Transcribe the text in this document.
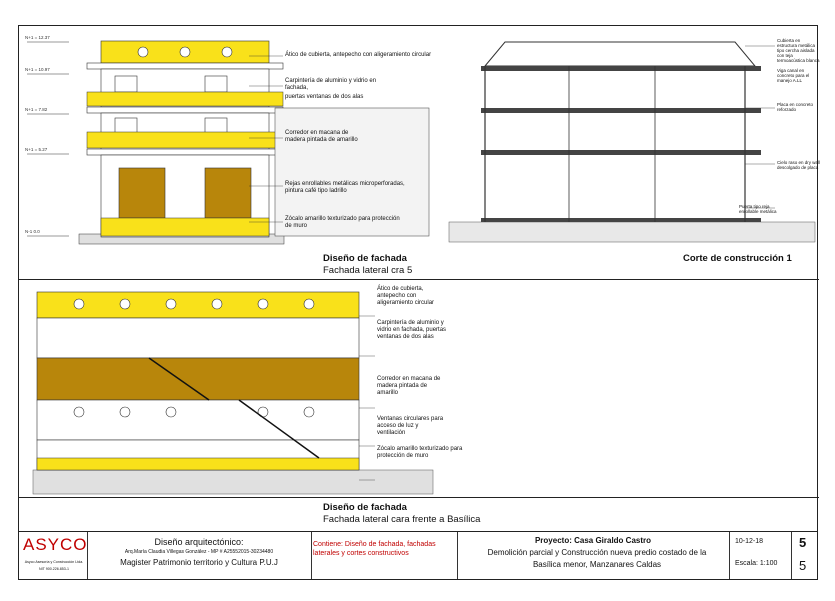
N+1 = 12.37
N+1 = 10.97
N+1 = 7.82
N+1 = 5.27
N-1 0.0
Ático de cubierta, antepecho con aligeramiento circular
Carpintería de aluminio y vidrio en fachada,
puertas ventanas de dos alas
Corredor en macana de madera pintada de amarillo
Rejas enrollables metálicas microperforadas, pintura café tipo ladrillo
Zócalo amarillo texturizado para protección de muro
Cubierta en estructura metálica tipo cercha aislada con teja termoacústica blanca
Viga canal en concreto para el manejo A.LL
Placa en concreto reforzado
Cielo raso en dry wall descolgado de placa
Puerta tipo reja enrollable metálica
Diseño de fachada
Fachada lateral cra 5
Corte de construcción 1
Ático de cubierta, antepecho con aligeramiento circular
Carpintería de aluminio y vidrio en fachada, puertas ventanas de dos alas
Corredor en macana de madera pintada de amarillo
Ventanas circulares para acceso de luz y ventilación
Zócalo amarillo texturizado para protección de muro
Diseño de fachada
Fachada lateral cara frente a Basílica
ASYCO
Asyco Asesoría y Construcción Ltda.
NIT 900.226.853-1
Diseño arquitectónico:
Arq.María Claudia Villegas González - MP # A25552015-30234480
Magister Patrimonio territorio y Cultura P.U.J
Contiene: Diseño de fachada, fachadas laterales y cortes constructivos
Proyecto: Casa Giraldo Castro
Demolición parcial y Construcción nueva predio costado de la Basílica menor, Manzanares Caldas
10-12-18
Escala: 1:100
5
5
